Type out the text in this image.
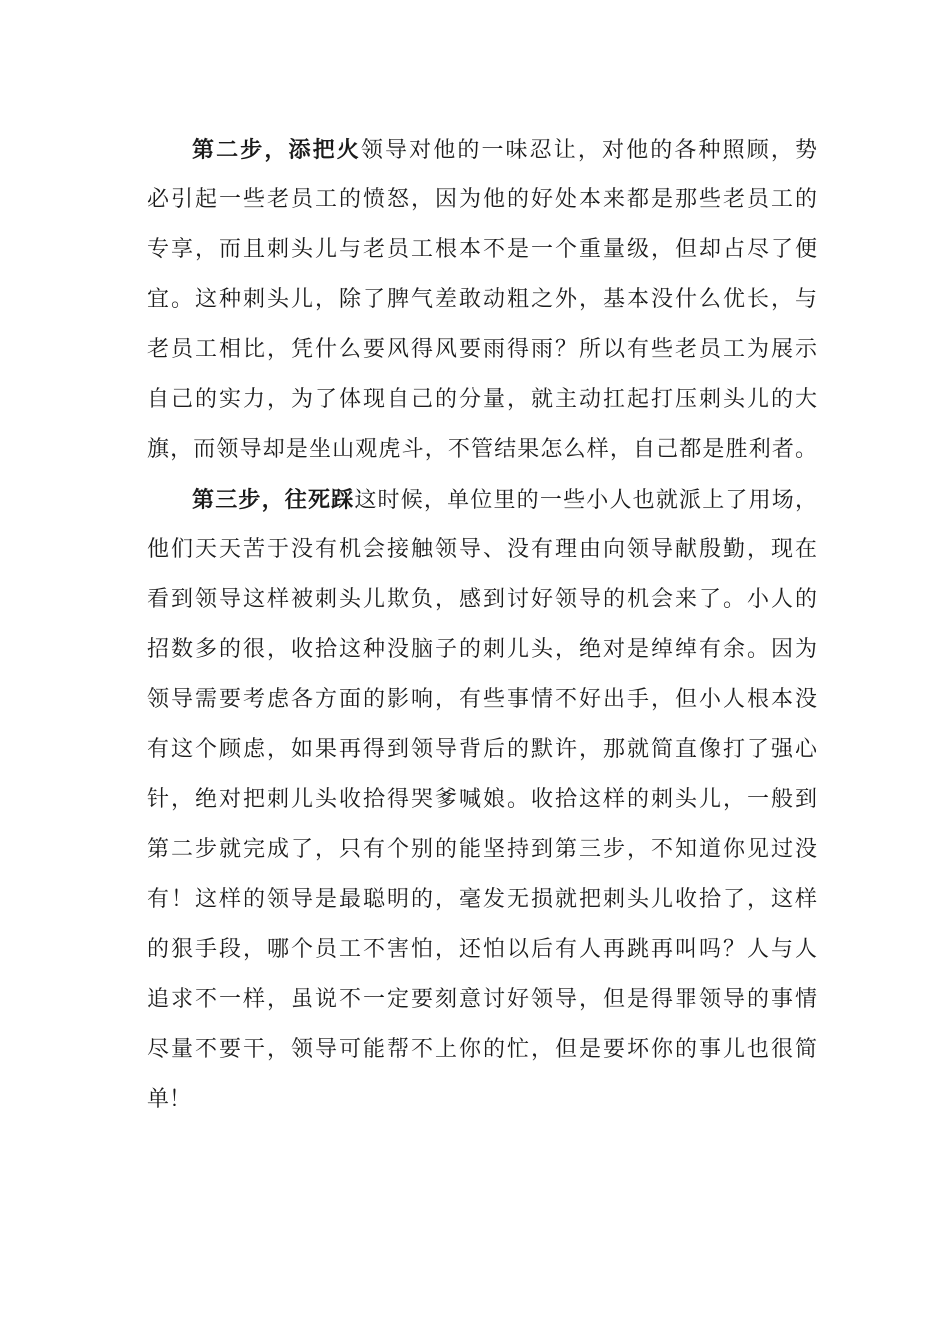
第二步，添把火领导对他的一味忍让，对他的各种照顾，势
必引起一些老员工的愤怒，因为他的好处本来都是那些老员工的
专享，而且刺头儿与老员工根本不是一个重量级，但却占尽了便
宜。这种刺头儿，除了脾气差敢动粗之外，基本没什么优长，与
老员工相比，凭什么要风得风要雨得雨？所以有些老员工为展示
自己的实力，为了体现自己的分量，就主动扛起打压刺头儿的大
旗，而领导却是坐山观虎斗，不管结果怎么样，自己都是胜利者。
第三步，往死踩这时候，单位里的一些小人也就派上了用场，
他们天天苦于没有机会接触领导、没有理由向领导献殷勤，现在
看到领导这样被刺头儿欺负，感到讨好领导的机会来了。小人的
招数多的很，收拾这种没脑子的刺儿头，绝对是绰绰有余。因为
领导需要考虑各方面的影响，有些事情不好出手，但小人根本没
有这个顾虑，如果再得到领导背后的默许，那就简直像打了强心
针，绝对把刺儿头收拾得哭爹喊娘。收拾这样的刺头儿，一般到
第二步就完成了，只有个别的能坚持到第三步，不知道你见过没
有！这样的领导是最聪明的，毫发无损就把刺头儿收拾了，这样
的狠手段，哪个员工不害怕，还怕以后有人再跳再叫吗？人与人
追求不一样，虽说不一定要刻意讨好领导，但是得罪领导的事情
尽量不要干，领导可能帮不上你的忙，但是要坏你的事儿也很简
单！
